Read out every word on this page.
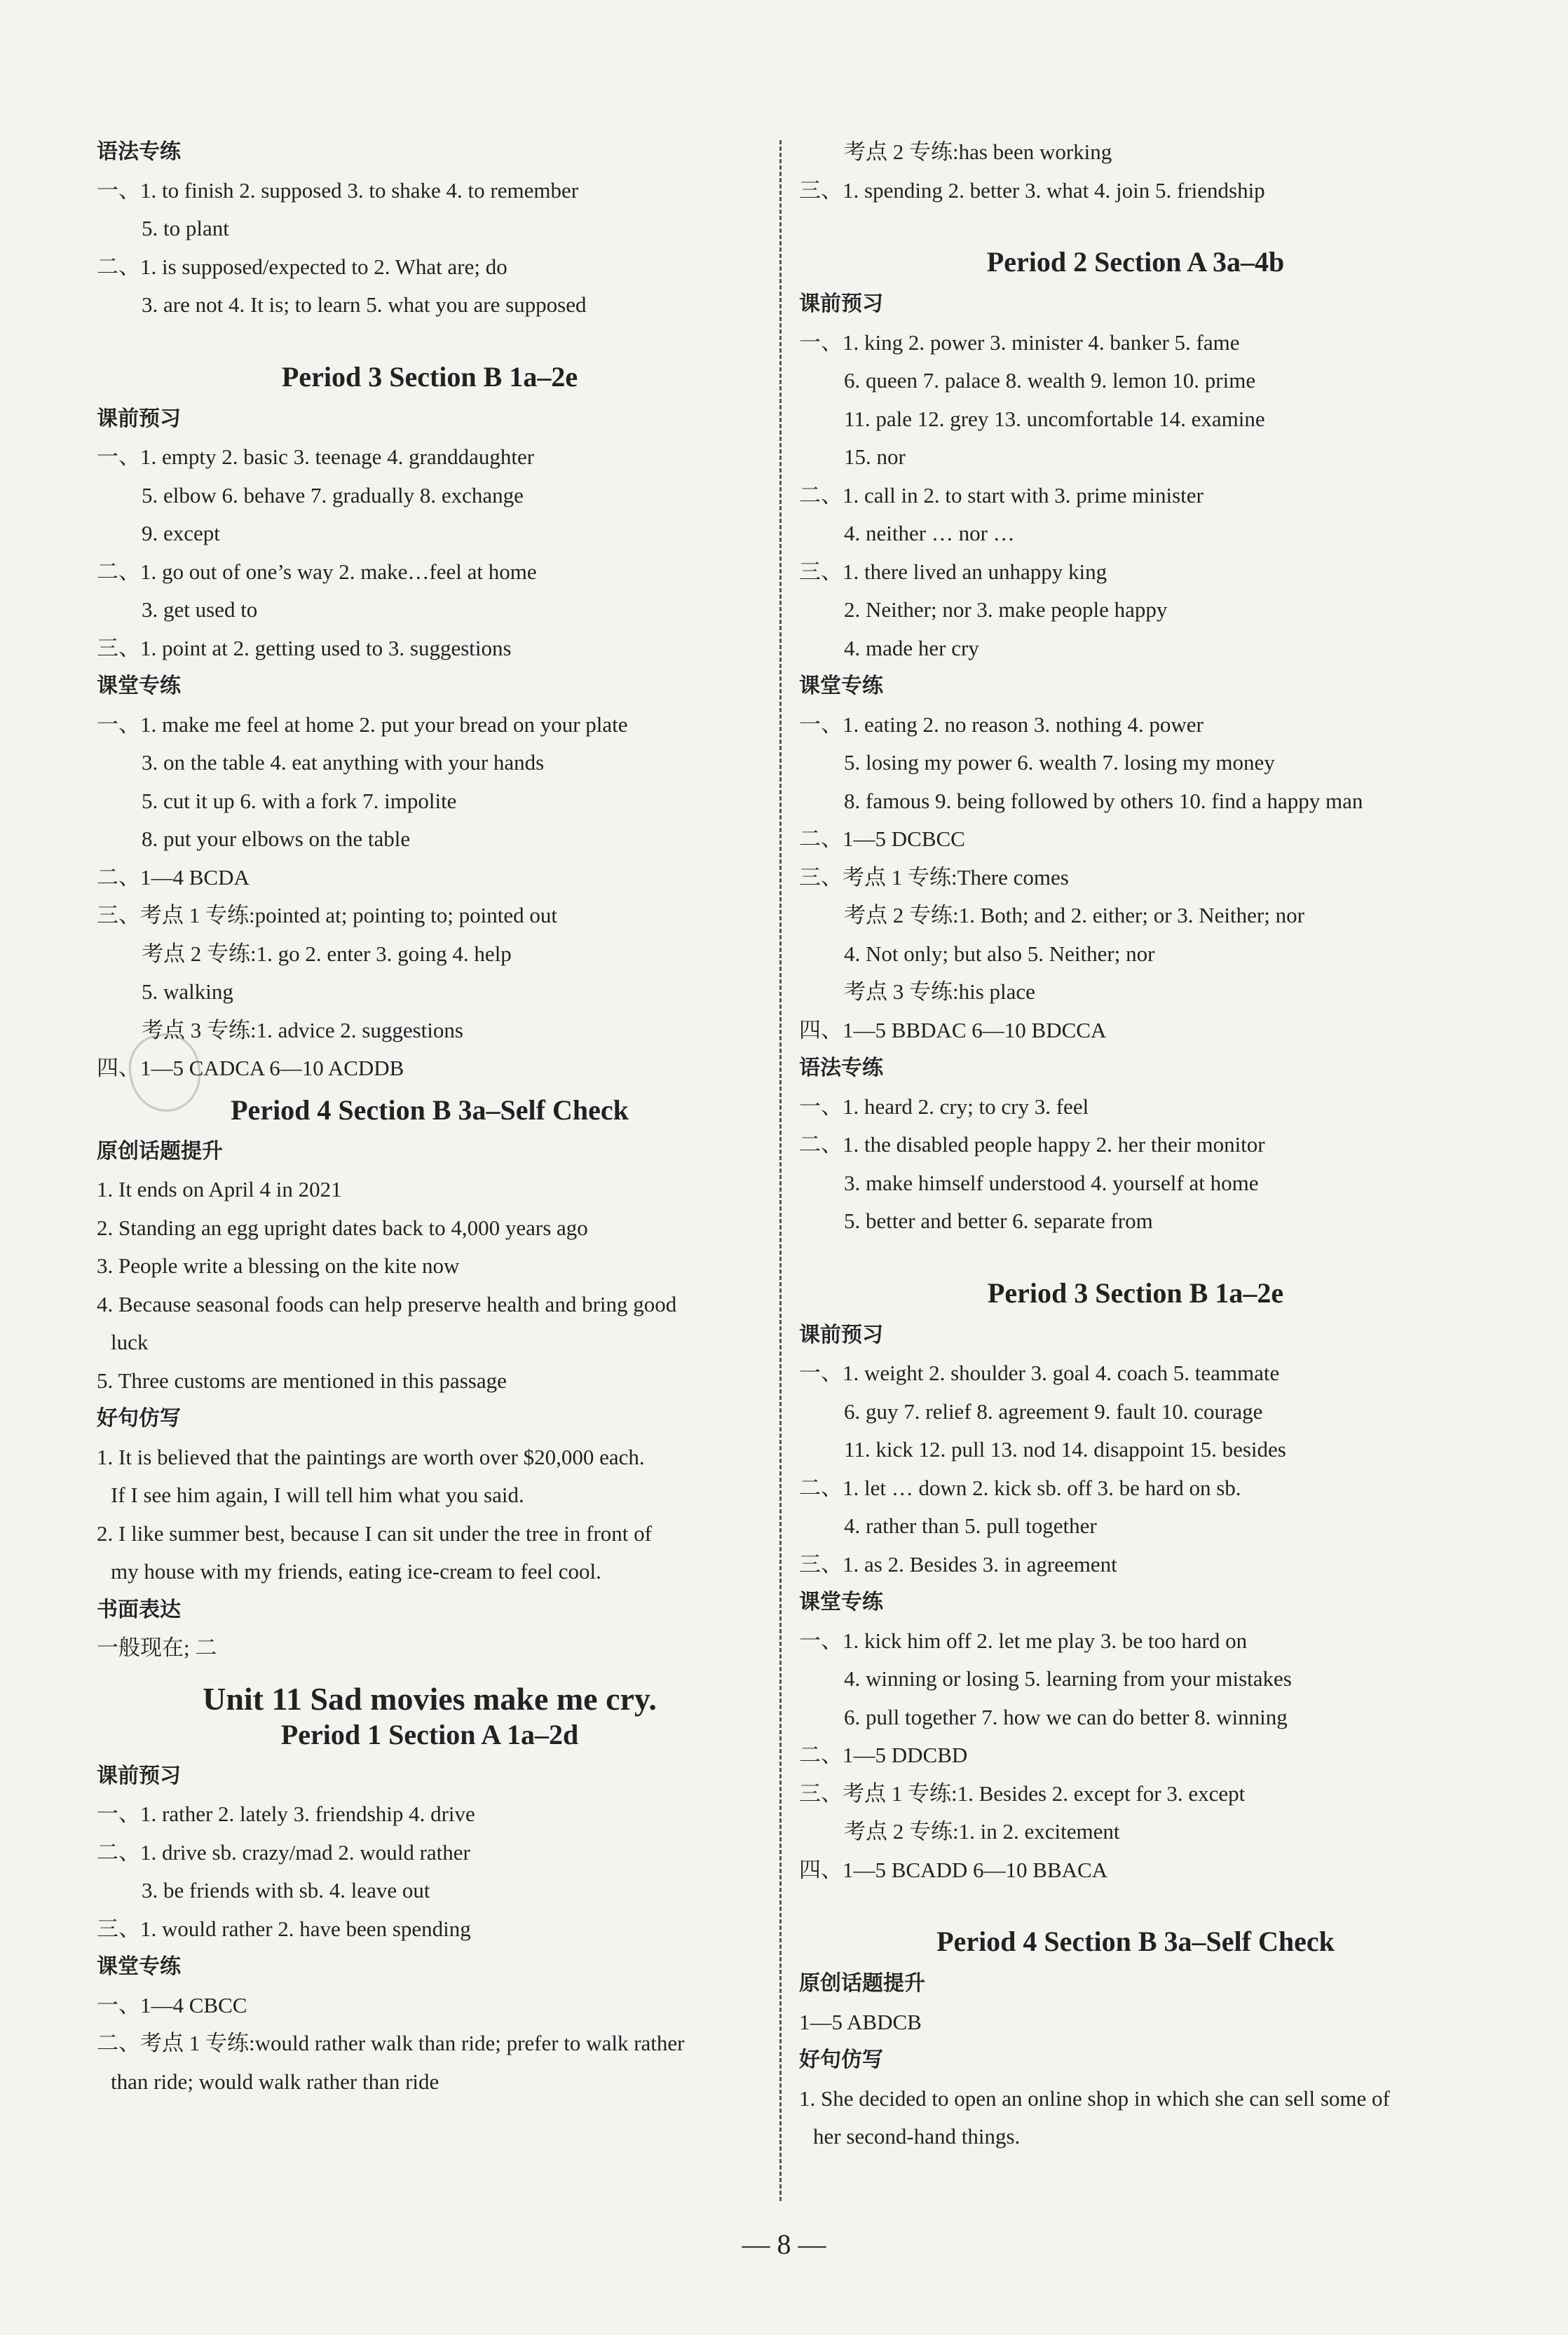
语法专练
一、1. to finish 2. supposed 3. to shake 4. to remember
5. to plant
二、1. is supposed/expected to 2. What are; do
3. are not 4. It is; to learn 5. what you are supposed
Period 3 Section B 1a–2e
课前预习
一、1. empty 2. basic 3. teenage 4. granddaughter
5. elbow 6. behave 7. gradually 8. exchange
9. except
二、1. go out of one’s way 2. make…feel at home
3. get used to
三、1. point at 2. getting used to 3. suggestions
课堂专练
一、1. make me feel at home 2. put your bread on your plate
3. on the table 4. eat anything with your hands
5. cut it up 6. with a fork 7. impolite
8. put your elbows on the table
二、1—4 BCDA
三、考点 1 专练:pointed at; pointing to; pointed out
考点 2 专练:1. go 2. enter 3. going 4. help
5. walking
考点 3 专练:1. advice 2. suggestions
四、1—5 CADCA 6—10 ACDDB
Period 4 Section B 3a–Self Check
原创话题提升
1. It ends on April 4 in 2021
2. Standing an egg upright dates back to 4,000 years ago
3. People write a blessing on the kite now
4. Because seasonal foods can help preserve health and bring good
luck
5. Three customs are mentioned in this passage
好句仿写
1. It is believed that the paintings are worth over $20,000 each.
If I see him again, I will tell him what you said.
2. I like summer best, because I can sit under the tree in front of
my house with my friends, eating ice-cream to feel cool.
书面表达
一般现在; 二
Unit 11 Sad movies make me cry.
Period 1 Section A 1a–2d
课前预习
一、1. rather 2. lately 3. friendship 4. drive
二、1. drive sb. crazy/mad 2. would rather
3. be friends with sb. 4. leave out
三、1. would rather 2. have been spending
课堂专练
一、1—4 CBCC
二、考点 1 专练:would rather walk than ride; prefer to walk rather
than ride; would walk rather than ride
考点 2 专练:has been working
三、1. spending 2. better 3. what 4. join 5. friendship
Period 2 Section A 3a–4b
课前预习
一、1. king 2. power 3. minister 4. banker 5. fame
6. queen 7. palace 8. wealth 9. lemon 10. prime
11. pale 12. grey 13. uncomfortable 14. examine
15. nor
二、1. call in 2. to start with 3. prime minister
4. neither … nor …
三、1. there lived an unhappy king
2. Neither; nor 3. make people happy
4. made her cry
课堂专练
一、1. eating 2. no reason 3. nothing 4. power
5. losing my power 6. wealth 7. losing my money
8. famous 9. being followed by others 10. find a happy man
二、1—5 DCBCC
三、考点 1 专练:There comes
考点 2 专练:1. Both; and 2. either; or 3. Neither; nor
4. Not only; but also 5. Neither; nor
考点 3 专练:his place
四、1—5 BBDAC 6—10 BDCCA
语法专练
一、1. heard 2. cry; to cry 3. feel
二、1. the disabled people happy 2. her their monitor
3. make himself understood 4. yourself at home
5. better and better 6. separate from
Period 3 Section B 1a–2e
课前预习
一、1. weight 2. shoulder 3. goal 4. coach 5. teammate
6. guy 7. relief 8. agreement 9. fault 10. courage
11. kick 12. pull 13. nod 14. disappoint 15. besides
二、1. let … down 2. kick sb. off 3. be hard on sb.
4. rather than 5. pull together
三、1. as 2. Besides 3. in agreement
课堂专练
一、1. kick him off 2. let me play 3. be too hard on
4. winning or losing 5. learning from your mistakes
6. pull together 7. how we can do better 8. winning
二、1—5 DDCBD
三、考点 1 专练:1. Besides 2. except for 3. except
考点 2 专练:1. in 2. excitement
四、1—5 BCADD 6—10 BBACA
Period 4 Section B 3a–Self Check
原创话题提升
1—5 ABDCB
好句仿写
1. She decided to open an online shop in which she can sell some of
her second-hand things.
— 8 —
